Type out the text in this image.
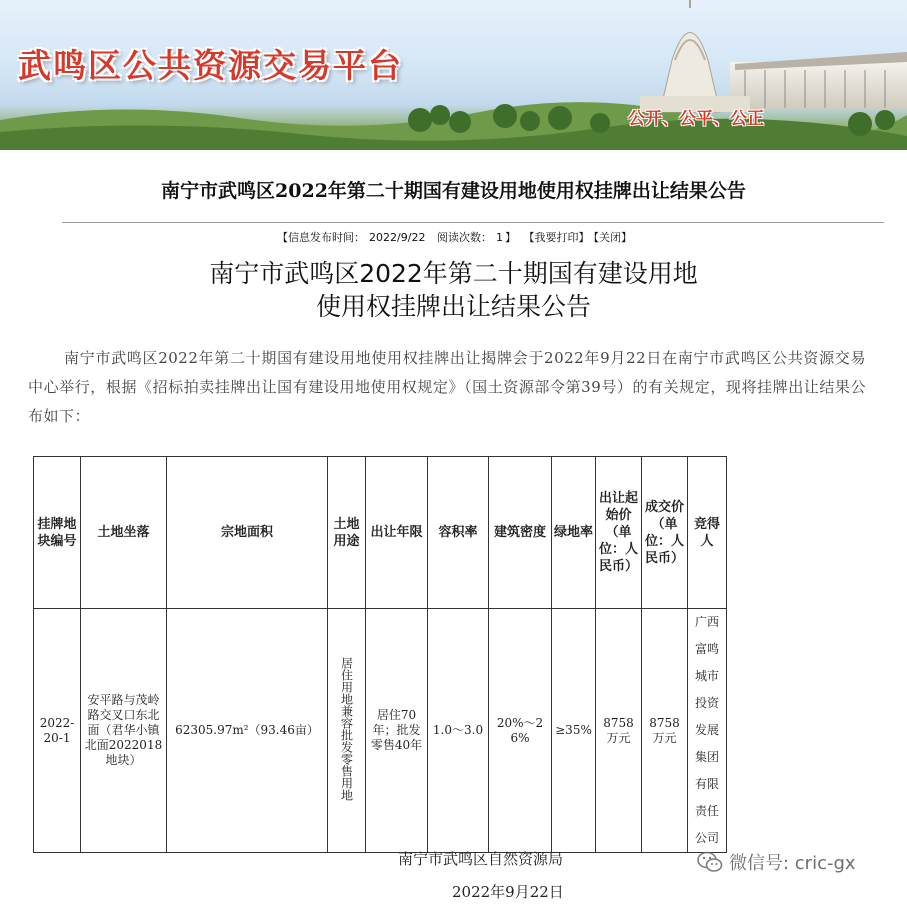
武鸣区公共资源交易平台
公开、公平、公正
南宁市武鸣区2022年第二十期国有建设用地使用权挂牌出让结果公告
【信息发布时间： 2022/9/22 阅读次数： 1 】 【我要打印】 【关闭】
南宁市武鸣区2022年第二十期国有建设用地
使用权挂牌出让结果公告
南宁市武鸣区2022年第二十期国有建设用地使用权挂牌出让揭牌会于2022年9月22日在南宁市武鸣区公共资源交易中心举行，根据《招标拍卖挂牌出让国有建设用地使用权规定》（国土资源部令第39号）的有关规定，现将挂牌出让结果公布如下：
挂牌地块编号	土地坐落	宗地面积	土地用途	出让年限	容积率	建筑密度	绿地率	出让起始价（单位：人民币）	成交价（单位：人民币）	竞得人
2022-20-1	安平路与茂岭路交叉口东北面（君华小镇北面2022018地块）	62305.97m²（93.46亩）	居住用地兼容批发零售用地	居住70年；批发零售40年	1.0～3.0	20%～26%	≥35%	8758万元	8758万元	广西富鸣城市投资发展集团有限责任公司
南宁市武鸣区自然资源局
2022年9月22日
微信号: cric-gx
